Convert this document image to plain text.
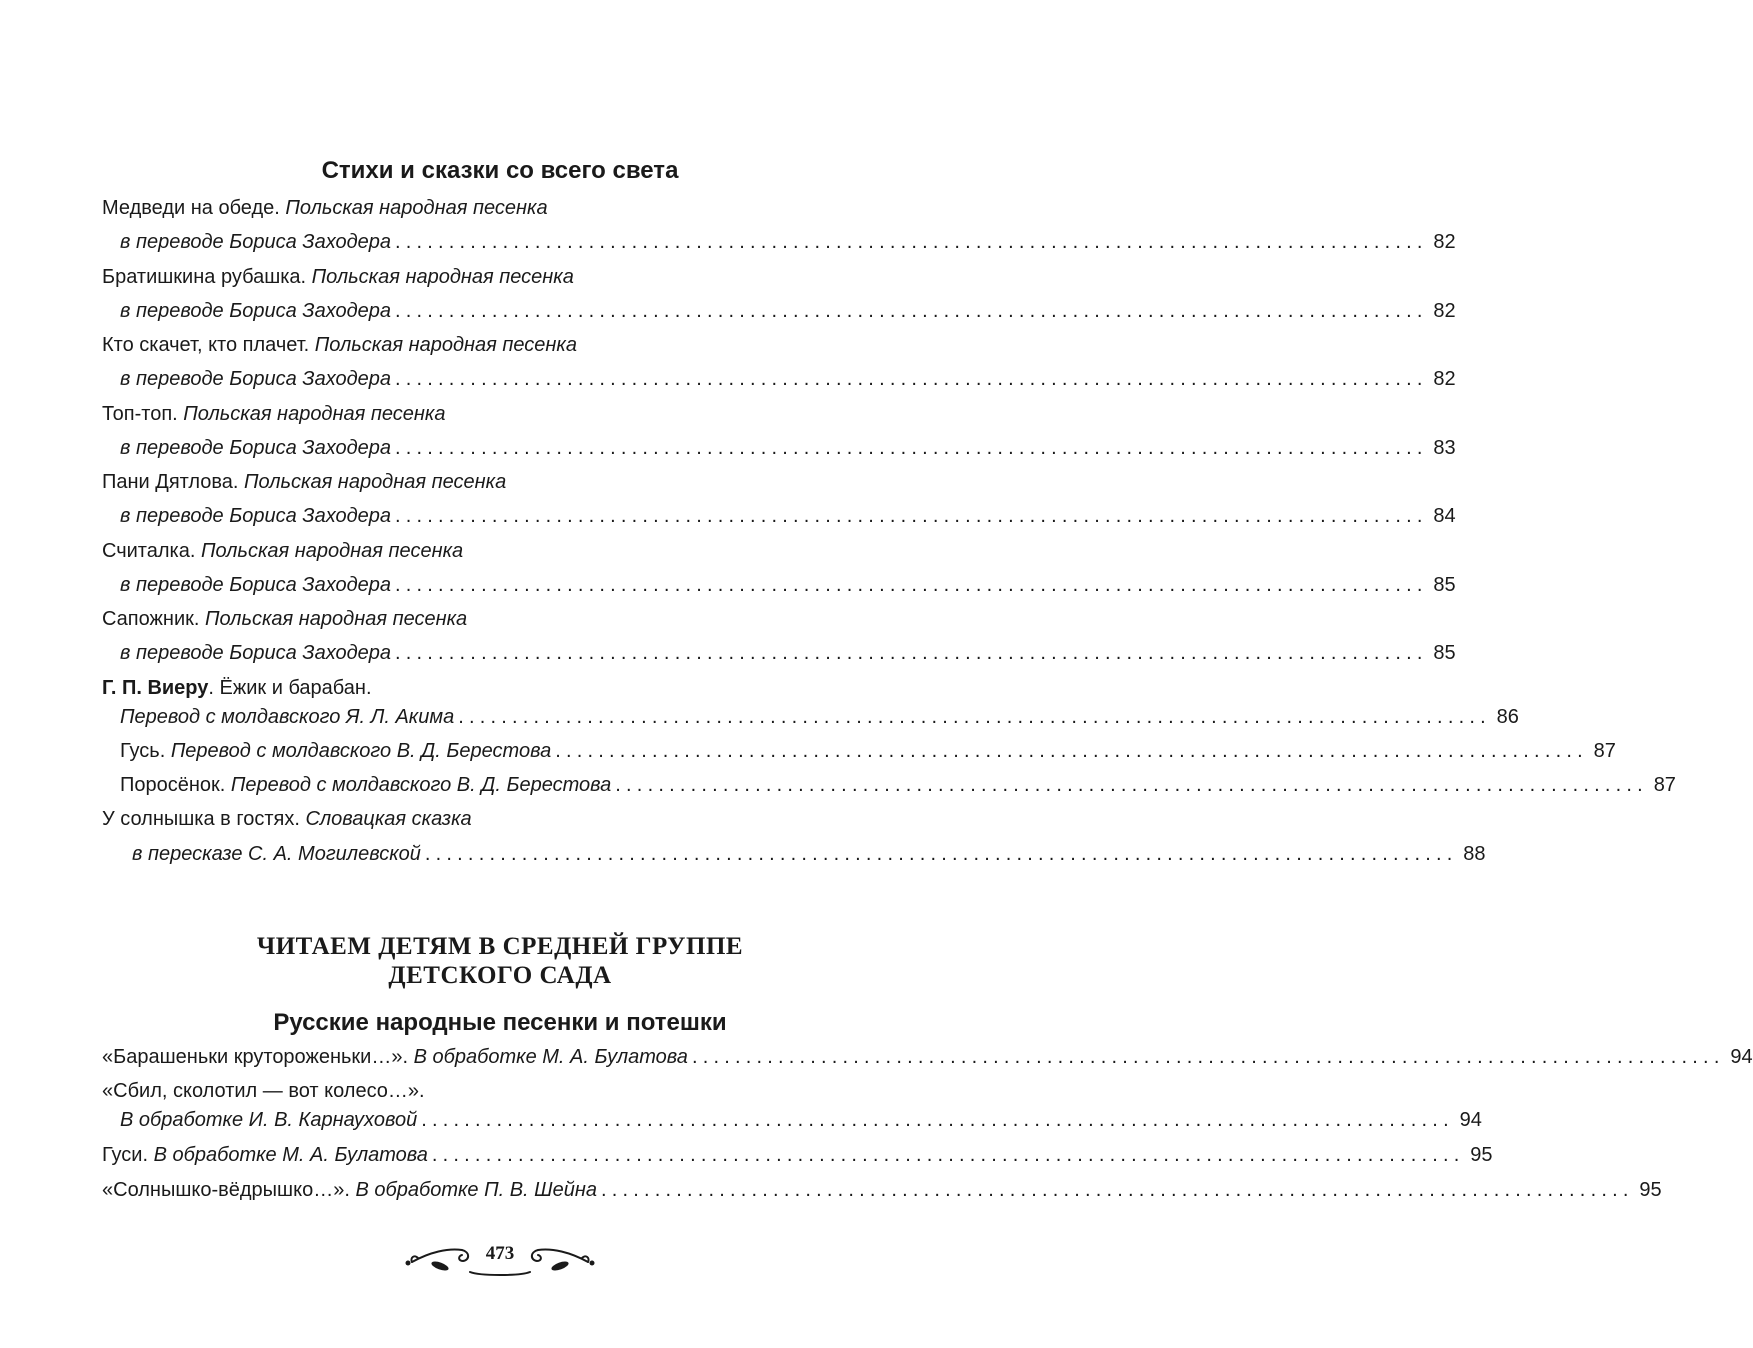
Стихи и сказки со всего света
Медведи на обеде. Польская народная песенка
в переводе Бориса Заходера ................................................................................................ 82
Братишкина рубашка. Польская народная песенка
в переводе Бориса Заходера ................................................................................................ 82
Кто скачет, кто плачет. Польская народная песенка
в переводе Бориса Заходера ................................................................................................ 82
Топ-топ. Польская народная песенка
в переводе Бориса Заходера ................................................................................................ 83
Пани Дятлова. Польская народная песенка
в переводе Бориса Заходера ................................................................................................ 84
Считалка. Польская народная песенка
в переводе Бориса Заходера ................................................................................................ 85
Сапожник. Польская народная песенка
в переводе Бориса Заходера ................................................................................................ 85
Г. П. Виеру. Ёжик и барабан.
Перевод с молдавского Я. Л. Акима ................................................................................................ 86
Гусь. Перевод с молдавского В. Д. Берестова ................................................................................................ 87
Поросёнок. Перевод с молдавского В. Д. Берестова ................................................................................................ 87
У солнышка в гостях. Словацкая сказка
в пересказе С. А. Могилевской ................................................................................................ 88
ЧИТАЕМ ДЕТЯМ В СРЕДНЕЙ ГРУППЕ
ДЕТСКОГО САДА
Русские народные песенки и потешки
«Барашеньки крутороженьки…». В обработке М. А. Булатова ................................................................................................ 94
«Сбил, сколотил — вот колесо…».
В обработке И. В. Карнауховой ................................................................................................ 94
Гуси. В обработке М. А. Булатова ................................................................................................ 95
«Солнышко-вёдрышко…». В обработке П. В. Шейна ................................................................................................ 95
473
